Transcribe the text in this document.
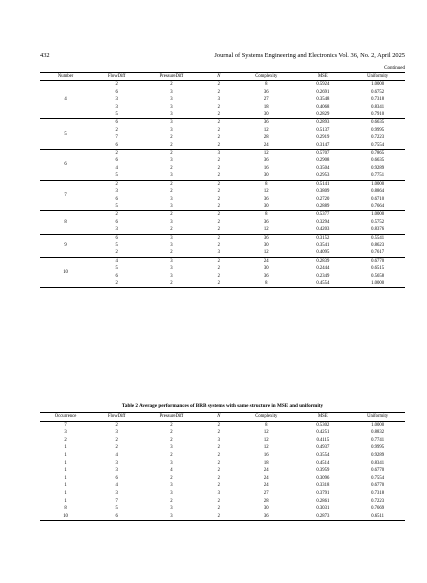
432	Journal of Systems Engineering and Electronics Vol. 36, No. 2, April 2025
Continued
Number	FlowDiff	PressureDiff	N	Complexity	MSE	Uniformity
4	2	2	2	8	0.5924	1.0000
	6	3	2	36	0.2691	0.6752
	3	3	3	27	0.3548	0.7318
	3	3	2	18	0.4068	0.8341
	5	3	2	30	0.2829	0.7910
5	6	3	2	36	0.2893	0.6635
	2	3	2	12	0.5137	0.9995
	7	2	2	28	0.2919	0.7223
	6	2	2	24	0.3147	0.7554
6	2	2	3	12	0.5707	0.7865
	6	3	2	36	0.2908	0.6635
	4	2	2	16	0.3504	0.9289
	5	3	2	30	0.2953	0.7751
7	2	2	2	8	0.5141	1.0000
	3	2	2	12	0.3809	0.8864
	6	3	2	36	0.2720	0.6710
	5	3	2	30	0.2889	0.7664
8	2	2	2	8	0.5377	1.0000
	6	3	2	36	0.3294	0.5752
	3	2	2	12	0.4203	0.8376
9	6	3	2	36	0.3152	0.5541
	5	3	2	30	0.3541	0.8623
	2	2	3	12	0.4095	0.7617
10	4	3	2	24	0.2839	0.6770
	5	3	2	30	0.2444	0.6515
	6	3	2	36	0.2349	0.5658
	2	2	2	8	0.4554	1.0000
Table 2 Average performances of BRB systems with same structure in MSE and uniformity
Occurrence	FlowDiff	PressureDiff	N	Complexity	MSE	Uniformity
7	2	2	2	8	0.5302	1.0000
3	3	2	2	12	0.4251	0.8832
2	2	2	3	12	0.4115	0.7741
1	2	3	2	12	0.4937	0.9995
1	4	2	2	16	0.3554	0.9289
1	3	3	2	18	0.4514	0.8341
1	3	4	2	24	0.3959	0.6770
1	6	2	2	24	0.3096	0.7554
1	4	3	2	24	0.3318	0.6770
1	3	3	3	27	0.3791	0.7318
1	7	2	2	28	0.2861	0.7223
8	5	3	2	30	0.3031	0.7669
10	6	3	2	36	0.2873	0.6511
